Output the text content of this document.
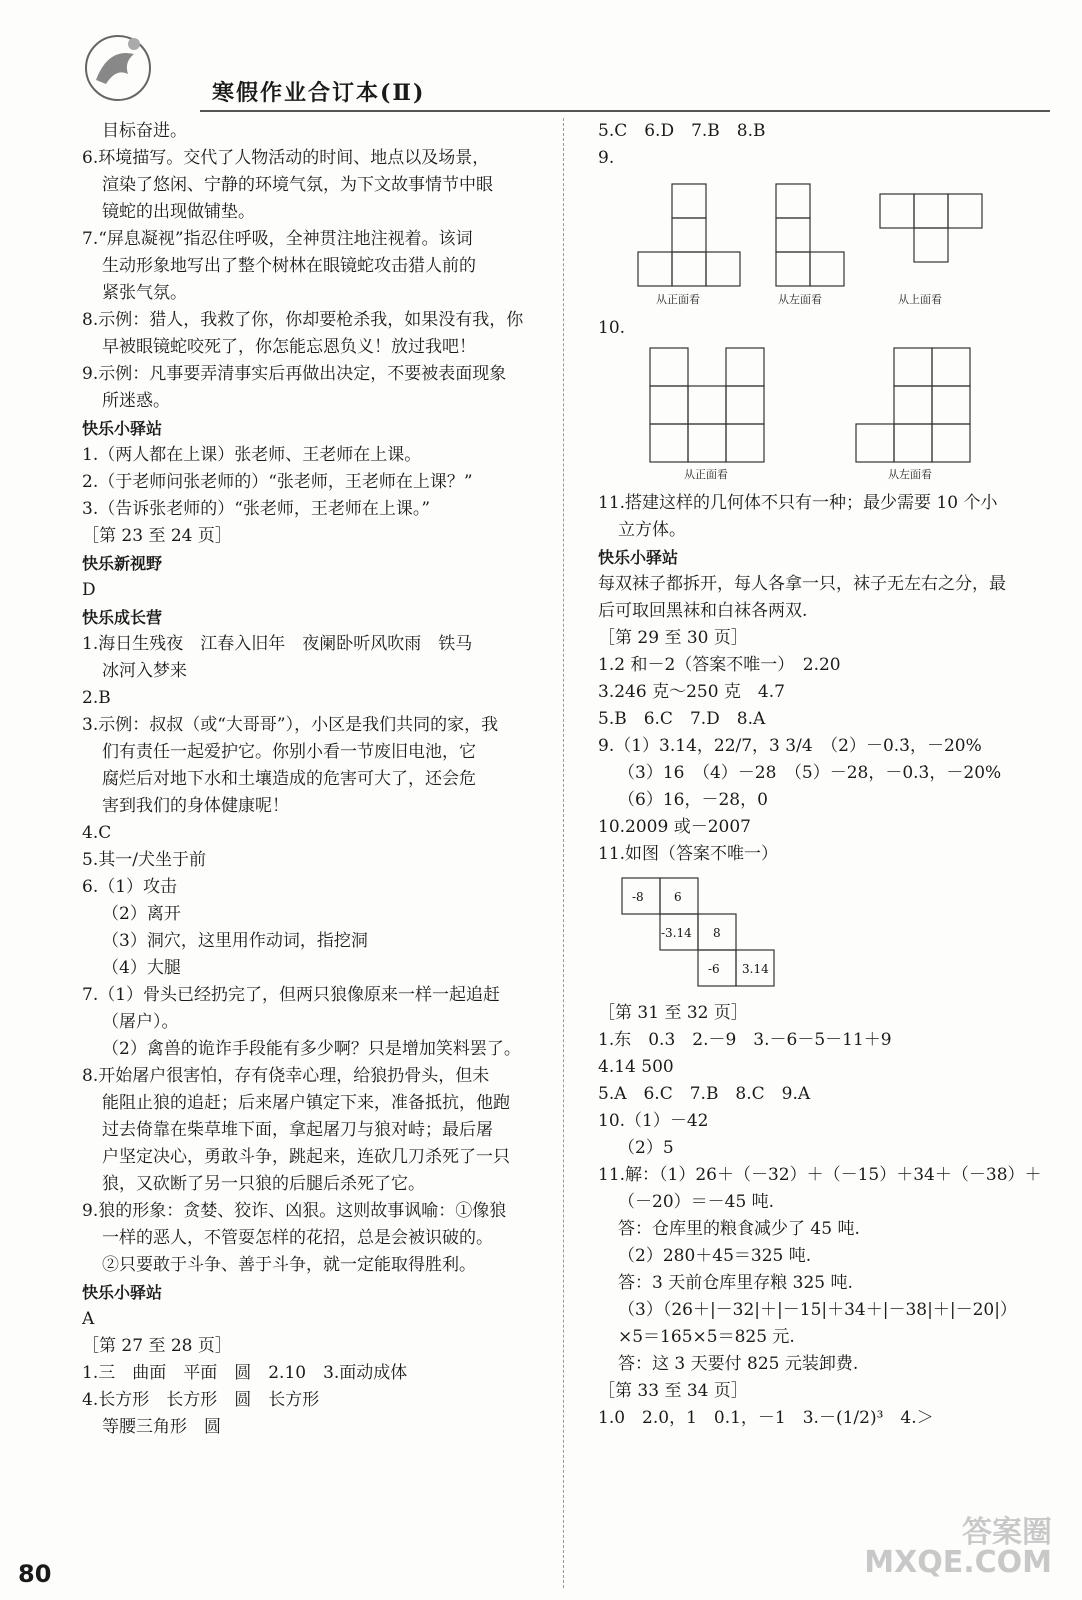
寒假作业合订本(Ⅱ)
目标奋进。
6.环境描写。交代了人物活动的时间、地点以及场景，
渲染了悠闲、宁静的环境气氛，为下文故事情节中眼
镜蛇的出现做铺垫。
7.“屏息凝视”指忍住呼吸，全神贯注地注视着。该词
生动形象地写出了整个树林在眼镜蛇攻击猎人前的
紧张气氛。
8.示例：猎人，我救了你，你却要枪杀我，如果没有我，你
早被眼镜蛇咬死了，你怎能忘恩负义！放过我吧！
9.示例：凡事要弄清事实后再做出决定，不要被表面现象
所迷惑。
快乐小驿站
1.（两人都在上课）张老师、王老师在上课。
2.（于老师问张老师的）“张老师，王老师在上课？”
3.（告诉张老师的）“张老师，王老师在上课。”
［第 23 至 24 页］
快乐新视野
D
快乐成长营
1.海日生残夜　江春入旧年　夜阑卧听风吹雨　铁马
冰河入梦来
2.B
3.示例：叔叔（或“大哥哥”），小区是我们共同的家，我
们有责任一起爱护它。你别小看一节废旧电池，它
腐烂后对地下水和土壤造成的危害可大了，还会危
害到我们的身体健康呢！
4.C
5.其一/犬坐于前
6.（1）攻击
（2）离开
（3）洞穴，这里用作动词，指挖洞
（4）大腿
7.（1）骨头已经扔完了，但两只狼像原来一样一起追赶
（屠户）。
（2）禽兽的诡诈手段能有多少啊？只是增加笑料罢了。
8.开始屠户很害怕，存有侥幸心理，给狼扔骨头，但未
能阻止狼的追赶；后来屠户镇定下来，准备抵抗，他跑
过去倚靠在柴草堆下面，拿起屠刀与狼对峙；最后屠
户坚定决心，勇敢斗争，跳起来，连砍几刀杀死了一只
狼，又砍断了另一只狼的后腿后杀死了它。
9.狼的形象：贪婪、狡诈、凶狠。这则故事讽喻：①像狼
一样的恶人，不管耍怎样的花招，总是会被识破的。
②只要敢于斗争、善于斗争，就一定能取得胜利。
快乐小驿站
A
［第 27 至 28 页］
1.三　曲面　平面　圆　2.10　3.面动成体
4.长方形　长方形　圆　长方形
等腰三角形　圆
5.C　6.D　7.B　8.B
9.
从正面看	从左面看	从上面看
10.
从正面看	从左面看
11.搭建这样的几何体不只有一种；最少需要 10 个小
立方体。
快乐小驿站
每双袜子都拆开，每人各拿一只，袜子无左右之分，最
后可取回黑袜和白袜各两双.
［第 29 至 30 页］
1.2 和－2（答案不唯一）　2.20
3.246 克～250 克　4.7
5.B　6.C　7.D　8.A
9.（1）3.14，22/7，3 3/4　（2）－0.3̇，－20%
（3）16　（4）－28　（5）－28，－0.3̇，－20%
（6）16，－28，0
10.2009 或－2007
11.如图（答案不唯一）
-8	6
-3.14 8
-6 3.14
［第 31 至 32 页］
1.东　0.3　2.－9　3.－6－5－11＋9
4.14 500
5.A　6.C　7.B　8.C　9.A
10.（1）－42
（2）5
11.解：（1）26＋（－32）＋（－15）＋34＋（－38）＋
（－20）＝－45 吨.
答：仓库里的粮食减少了 45 吨.
（2）280＋45＝325 吨.
答：3 天前仓库里存粮 325 吨.
（3）（26＋|－32|＋|－15|＋34＋|－38|＋|－20|）
×5＝165×5＝825 元.
答：这 3 天要付 825 元装卸费.
［第 33 至 34 页］
1.0　2.0，1　0.1，－1　3.－(1/2)³　4.＞
80
答案圈
MXQE.COM
